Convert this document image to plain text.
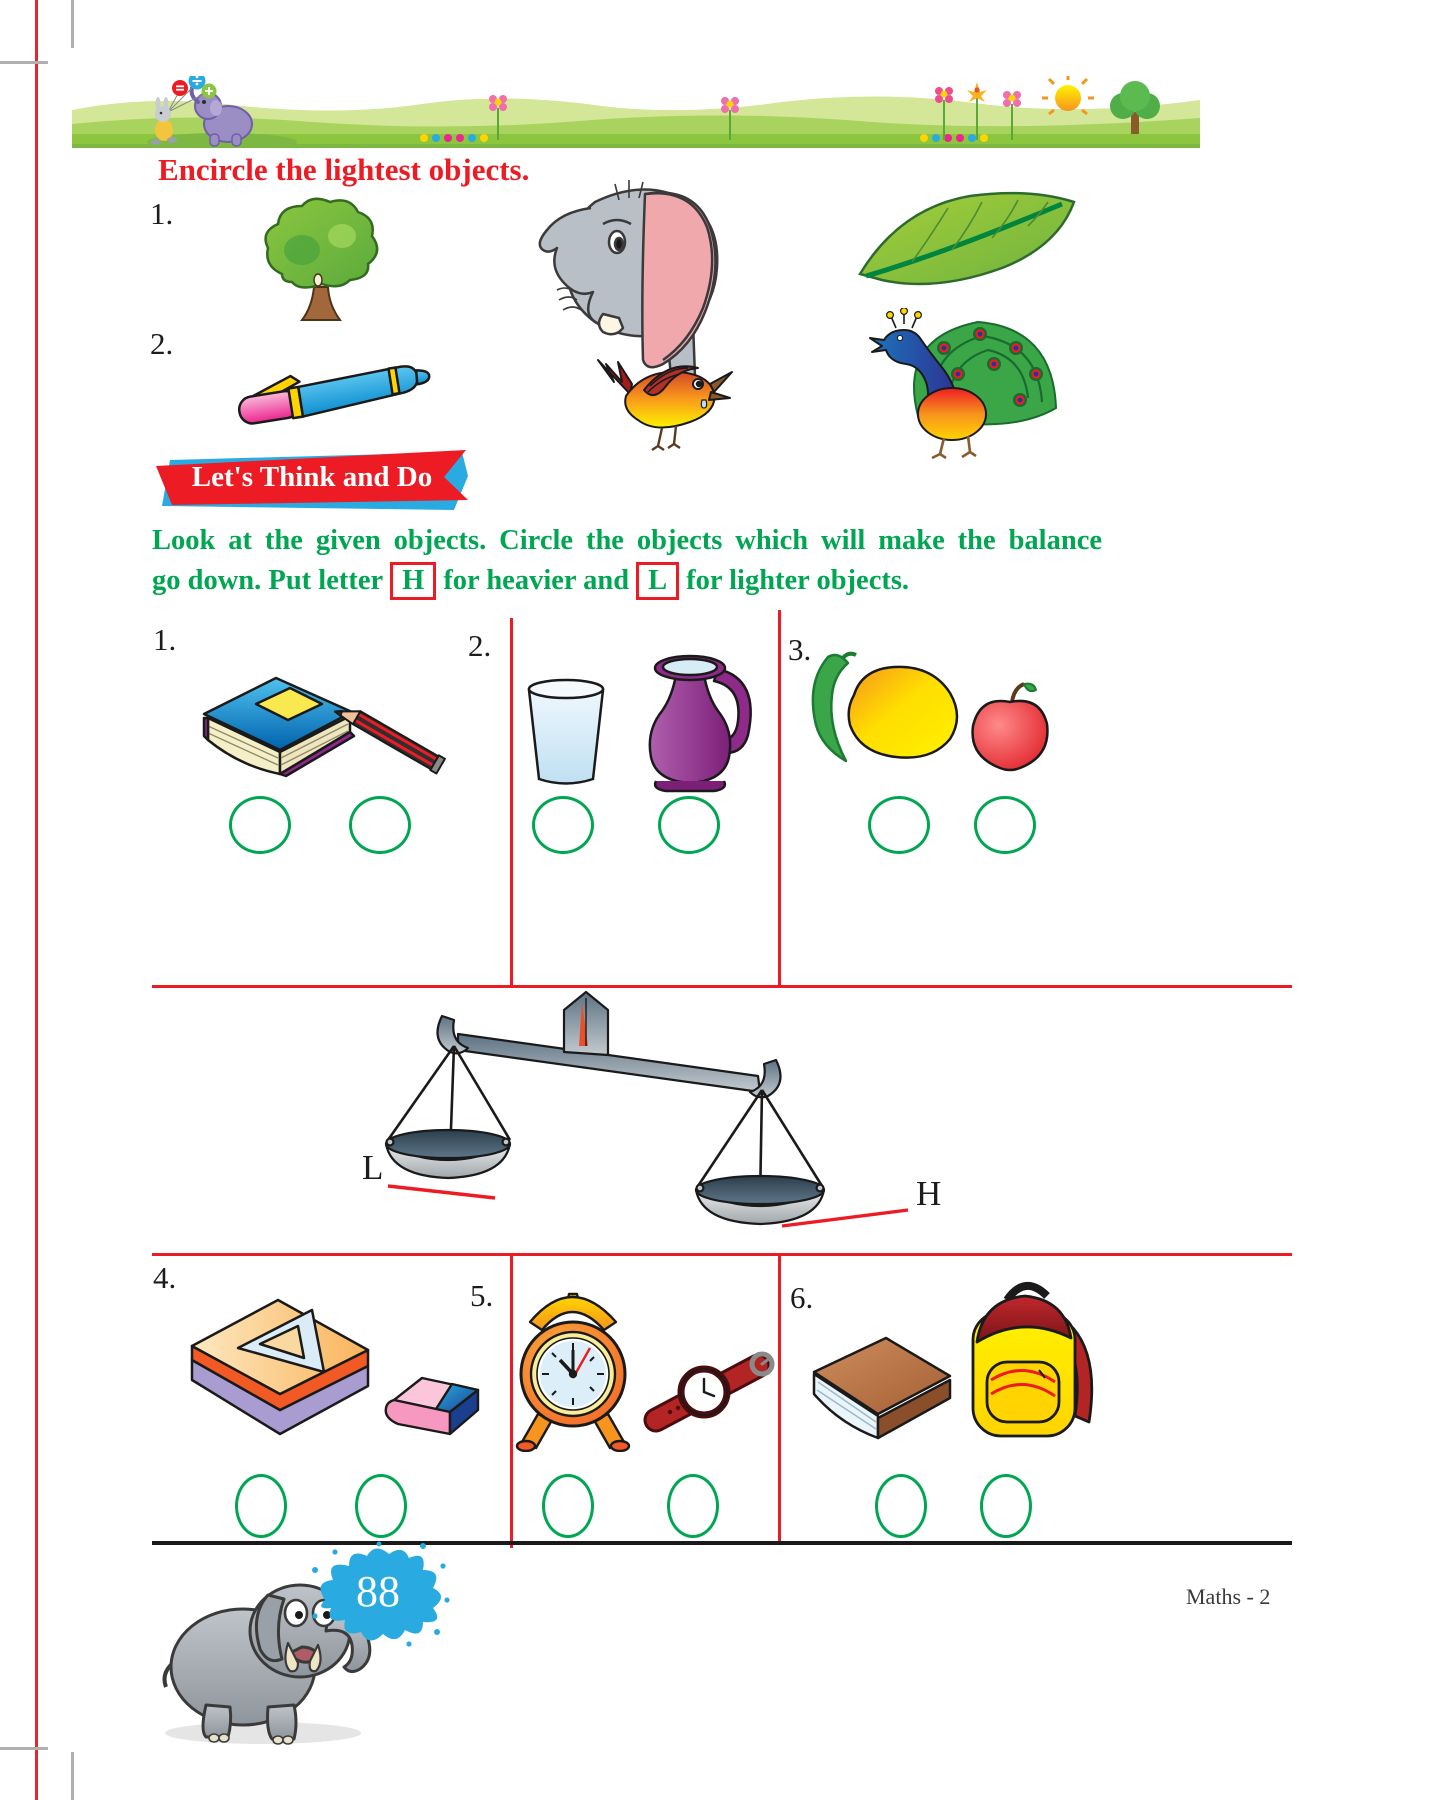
Encircle the lightest objects.
1.
2.
Let's Think and Do
Look at the given objects. Circle the objects which will make the balance
go down. Put letter H for heavier and L for lighter objects.
1.	2.	3.
L
H
4.
5.	6.
88	Maths - 2
